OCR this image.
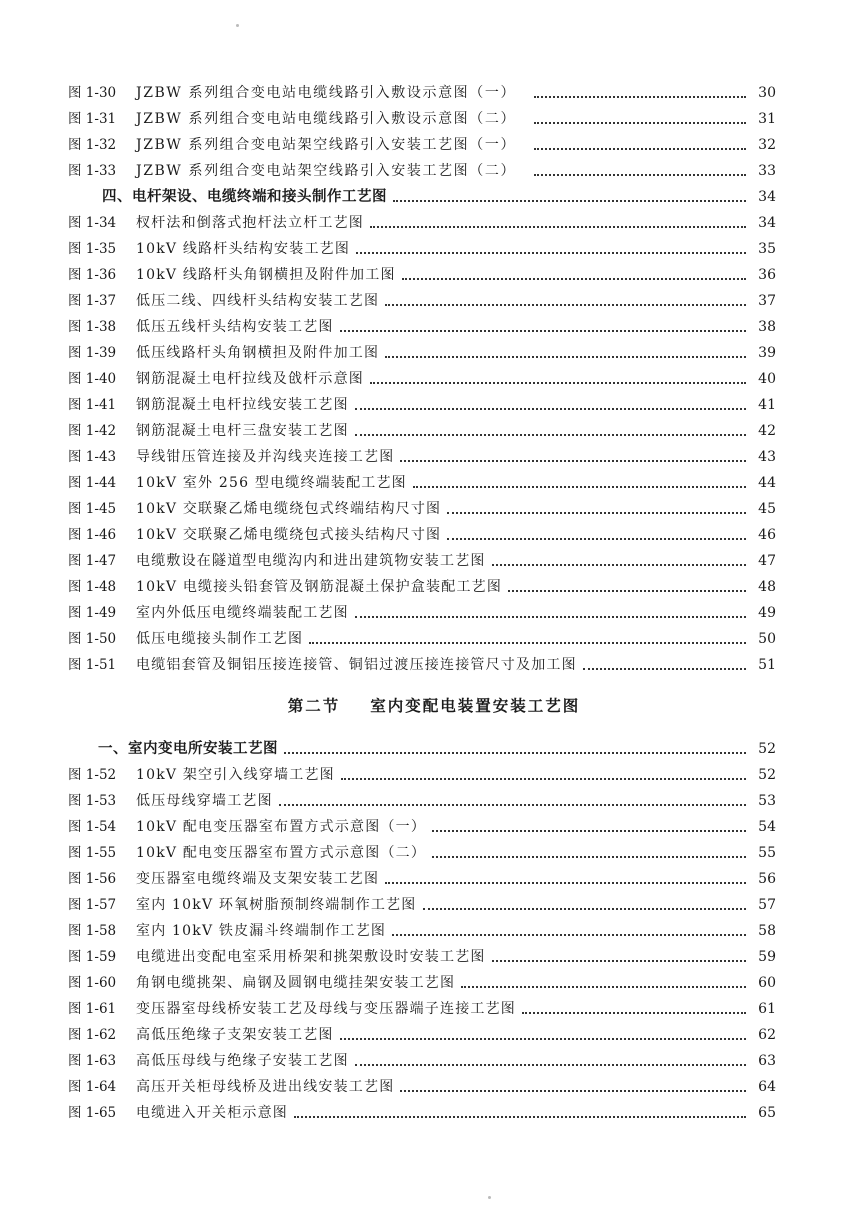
图 1-30	JZBW 系列组合变电站电缆线路引入敷设示意图（一）	30
图 1-31	JZBW 系列组合变电站电缆线路引入敷设示意图（二）	31
图 1-32	JZBW 系列组合变电站架空线路引入安装工艺图（一）	32
图 1-33	JZBW 系列组合变电站架空线路引入安装工艺图（二）	33
四、电杆架设、电缆终端和接头制作工艺图	34
图 1-34	杈杆法和倒落式抱杆法立杆工艺图	34
图 1-35	10kV 线路杆头结构安装工艺图	35
图 1-36	10kV 线路杆头角钢横担及附件加工图	36
图 1-37	低压二线、四线杆头结构安装工艺图	37
图 1-38	低压五线杆头结构安装工艺图	38
图 1-39	低压线路杆头角钢横担及附件加工图	39
图 1-40	钢筋混凝土电杆拉线及戗杆示意图	40
图 1-41	钢筋混凝土电杆拉线安装工艺图	41
图 1-42	钢筋混凝土电杆三盘安装工艺图	42
图 1-43	导线钳压管连接及并沟线夹连接工艺图	43
图 1-44	10kV 室外 256 型电缆终端装配工艺图	44
图 1-45	10kV 交联聚乙烯电缆绕包式终端结构尺寸图	45
图 1-46	10kV 交联聚乙烯电缆绕包式接头结构尺寸图	46
图 1-47	电缆敷设在隧道型电缆沟内和进出建筑物安装工艺图	47
图 1-48	10kV 电缆接头铅套管及钢筋混凝土保护盒装配工艺图	48
图 1-49	室内外低压电缆终端装配工艺图	49
图 1-50	低压电缆接头制作工艺图	50
图 1-51	电缆铝套管及铜铝压接连接管、铜铝过渡压接连接管尺寸及加工图	51
第二节 室内变配电装置安装工艺图
一、室内变电所安装工艺图	52
图 1-52	10kV 架空引入线穿墙工艺图	52
图 1-53	低压母线穿墙工艺图	53
图 1-54	10kV 配电变压器室布置方式示意图（一）	54
图 1-55	10kV 配电变压器室布置方式示意图（二）	55
图 1-56	变压器室电缆终端及支架安装工艺图	56
图 1-57	室内 10kV 环氧树脂预制终端制作工艺图	57
图 1-58	室内 10kV 铁皮漏斗终端制作工艺图	58
图 1-59	电缆进出变配电室采用桥架和挑架敷设时安装工艺图	59
图 1-60	角钢电缆挑架、扁钢及圆钢电缆挂架安装工艺图	60
图 1-61	变压器室母线桥安装工艺及母线与变压器端子连接工艺图	61
图 1-62	高低压绝缘子支架安装工艺图	62
图 1-63	高低压母线与绝缘子安装工艺图	63
图 1-64	高压开关柜母线桥及进出线安装工艺图	64
图 1-65	电缆进入开关柜示意图	65
